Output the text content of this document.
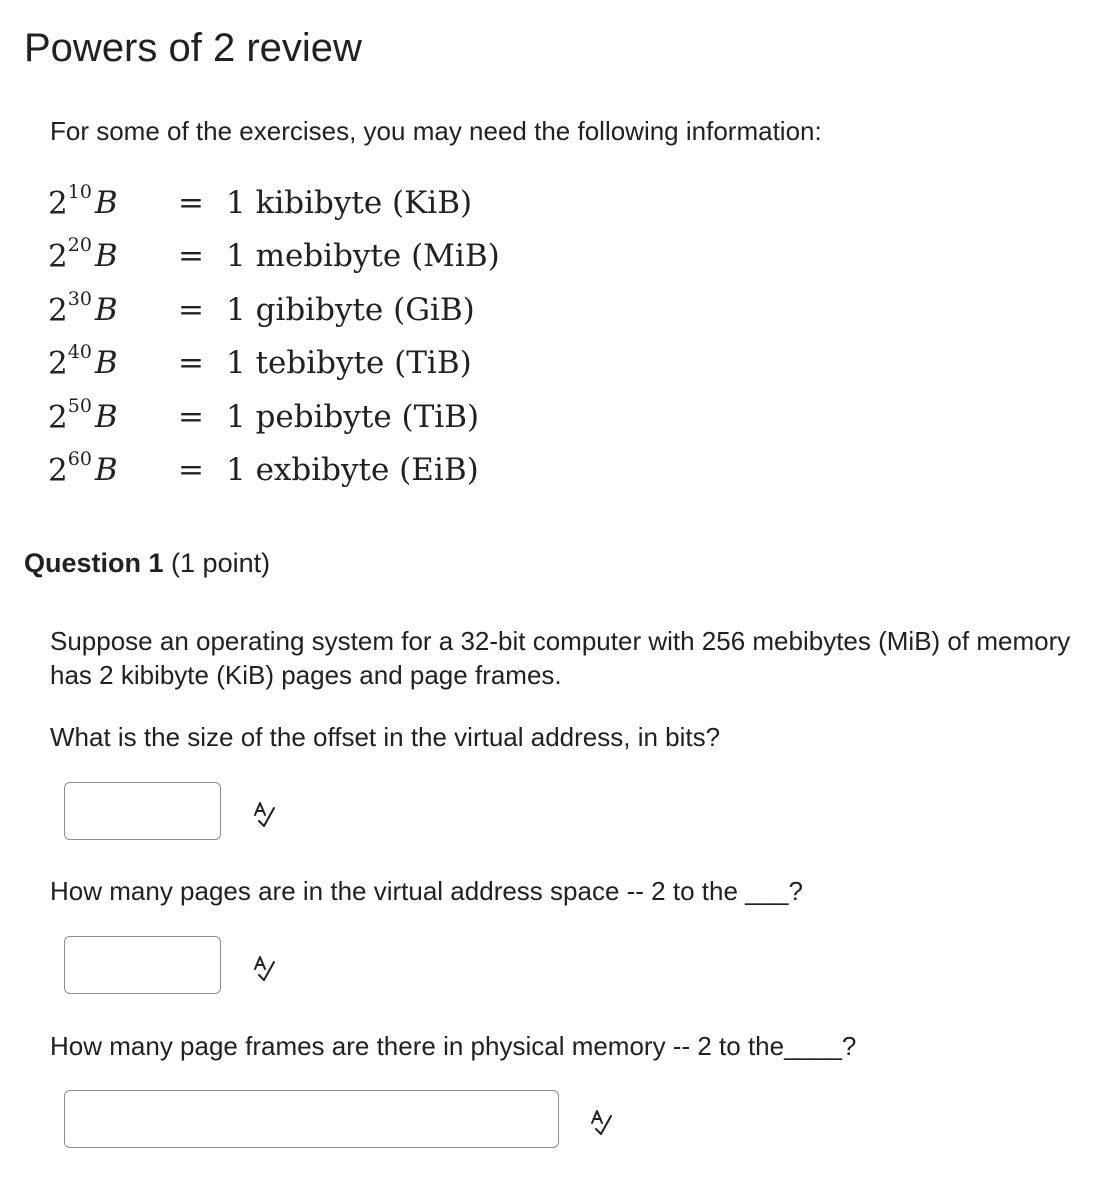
Powers of 2 review

For some of the exercises, you may need the following information:

$2^{10}B$	= 1 kibibyte (KiB)
$2^{20}B$	= 1 mebibyte (MiB)
$2^{30}B$	= 1 gibibyte (GiB)
$2^{40}B$	= 1 tebibyte (TiB)
$2^{50}B$	= 1 pebibyte (TiB)
$2^{60}B$	= 1 exbibyte (EiB)

Question 1 (1 point)

Suppose an operating system for a 32-bit computer with 256 mebibytes (MiB) of memory has 2 kibibyte (KiB) pages and page frames.

What is the size of the offset in the virtual address, in bits?

How many pages are in the virtual address space -- 2 to the ___?

How many page frames are there in physical memory -- 2 to the____?
